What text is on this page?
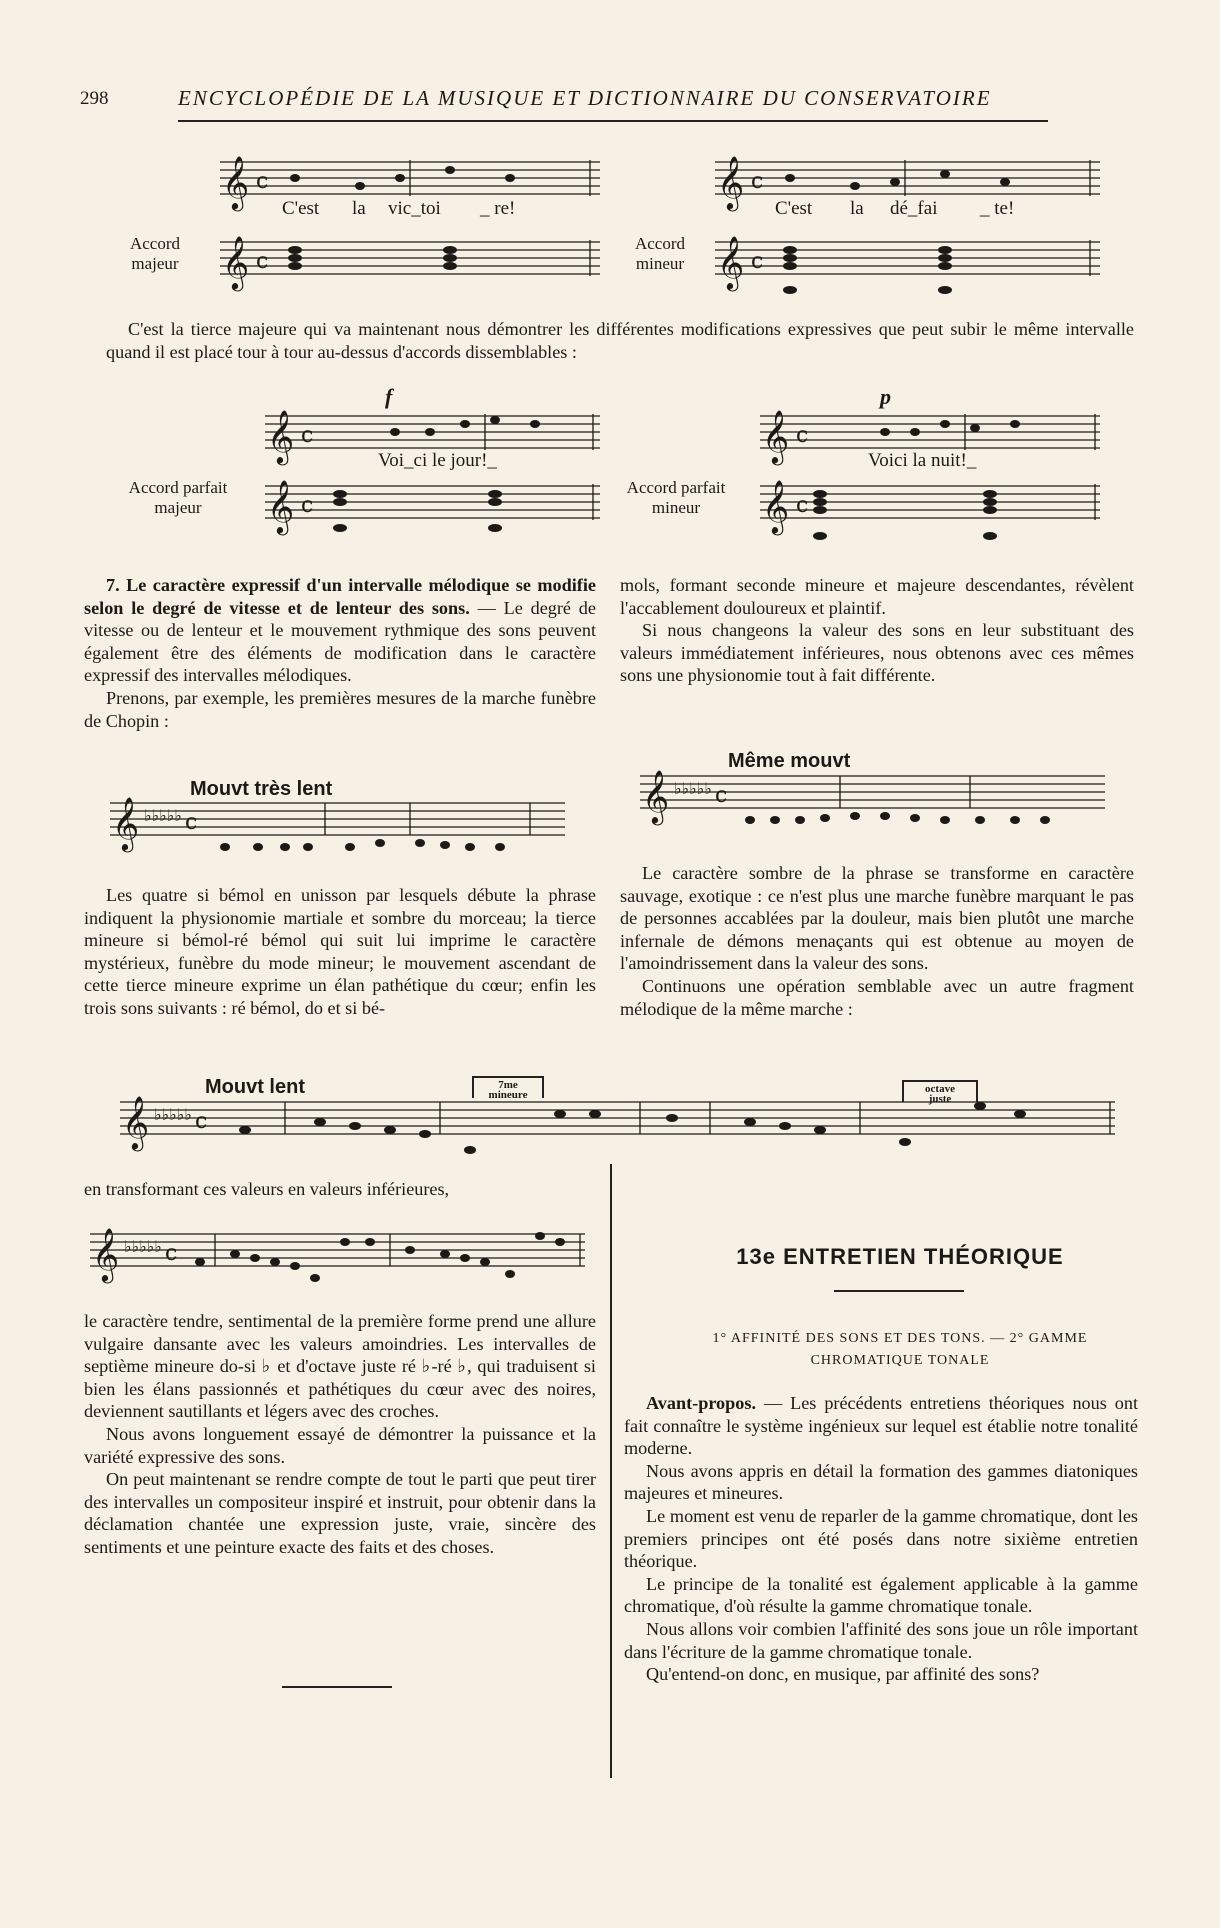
298	ENCYCLOPÉDIE DE LA MUSIQUE ET DICTIONNAIRE DU CONSERVATOIRE
Accord
majeur
𝄞 c
𝄞 c
C'est la vic_toi _ re!
Accord
mineur
𝄞 c
𝄞 c
C'est la dé_fai _ te!

C'est la tierce majeure qui va maintenant nous démontrer les différentes modifications expressives que peut subir le même intervalle quand il est placé tour à tour au-dessus d'accords dissemblables :

Accord parfait
majeur
f
𝄞 c
𝄞 c
Voi_ci le jour!_
Accord parfait
mineur
p
𝄞 c
𝄞 c
Voici la nuit!_

7. Le caractère expressif d'un intervalle mélodique se modifie selon le degré de vitesse et de lenteur des sons. — Le degré de vitesse ou de lenteur et le mouvement rythmique des sons peuvent également être des éléments de modification dans le caractère expressif des intervalles mélodiques.

Prenons, par exemple, les premières mesures de la marche funèbre de Chopin :

Mouvt très lent
𝄞 ♭♭♭♭♭ c

Les quatre si bémol en unisson par lesquels débute la phrase indiquent la physionomie martiale et sombre du morceau; la tierce mineure si bémol-ré bémol qui suit lui imprime le caractère mystérieux, funèbre du mode mineur; le mouvement ascendant de cette tierce mineure exprime un élan pathétique du cœur; enfin les trois sons suivants : ré bémol, do et si bé-

mols, formant seconde mineure et majeure descendantes, révèlent l'accablement douloureux et plaintif.

Si nous changeons la valeur des sons en leur substituant des valeurs immédiatement inférieures, nous obtenons avec ces mêmes sons une physionomie tout à fait différente.

Même mouvt
𝄞 ♭♭♭♭♭ c

Le caractère sombre de la phrase se transforme en caractère sauvage, exotique : ce n'est plus une marche funèbre marquant le pas de personnes accablées par la douleur, mais bien plutôt une marche infernale de démons menaçants qui est obtenue au moyen de l'amoindrissement dans la valeur des sons.

Continuons une opération semblable avec un autre fragment mélodique de la même marche :

Mouvt lent	7me
mineure	octave
juste
𝄞 ♭♭♭♭♭ c

en transformant ces valeurs en valeurs inférieures,

𝄞 ♭♭♭♭♭ c

le caractère tendre, sentimental de la première forme prend une allure vulgaire dansante avec les valeurs amoindries. Les intervalles de septième mineure do-si ♭ et d'octave juste ré ♭-ré ♭, qui traduisent si bien les élans passionnés et pathétiques du cœur avec des noires, deviennent sautillants et légers avec des croches.

Nous avons longuement essayé de démontrer la puissance et la variété expressive des sons.

On peut maintenant se rendre compte de tout le parti que peut tirer des intervalles un compositeur inspiré et instruit, pour obtenir dans la déclamation chantée une expression juste, vraie, sincère des sentiments et une peinture exacte des faits et des choses.

13e ENTRETIEN THÉORIQUE
1° AFFINITÉ DES SONS ET DES TONS. — 2° GAMME
CHROMATIQUE TONALE

Avant-propos. — Les précédents entretiens théoriques nous ont fait connaître le système ingénieux sur lequel est établie notre tonalité moderne.

Nous avons appris en détail la formation des gammes diatoniques majeures et mineures.

Le moment est venu de reparler de la gamme chromatique, dont les premiers principes ont été posés dans notre sixième entretien théorique.

Le principe de la tonalité est également applicable à la gamme chromatique, d'où résulte la gamme chromatique tonale.

Nous allons voir combien l'affinité des sons joue un rôle important dans l'écriture de la gamme chromatique tonale.

Qu'entend-on donc, en musique, par affinité des sons?
